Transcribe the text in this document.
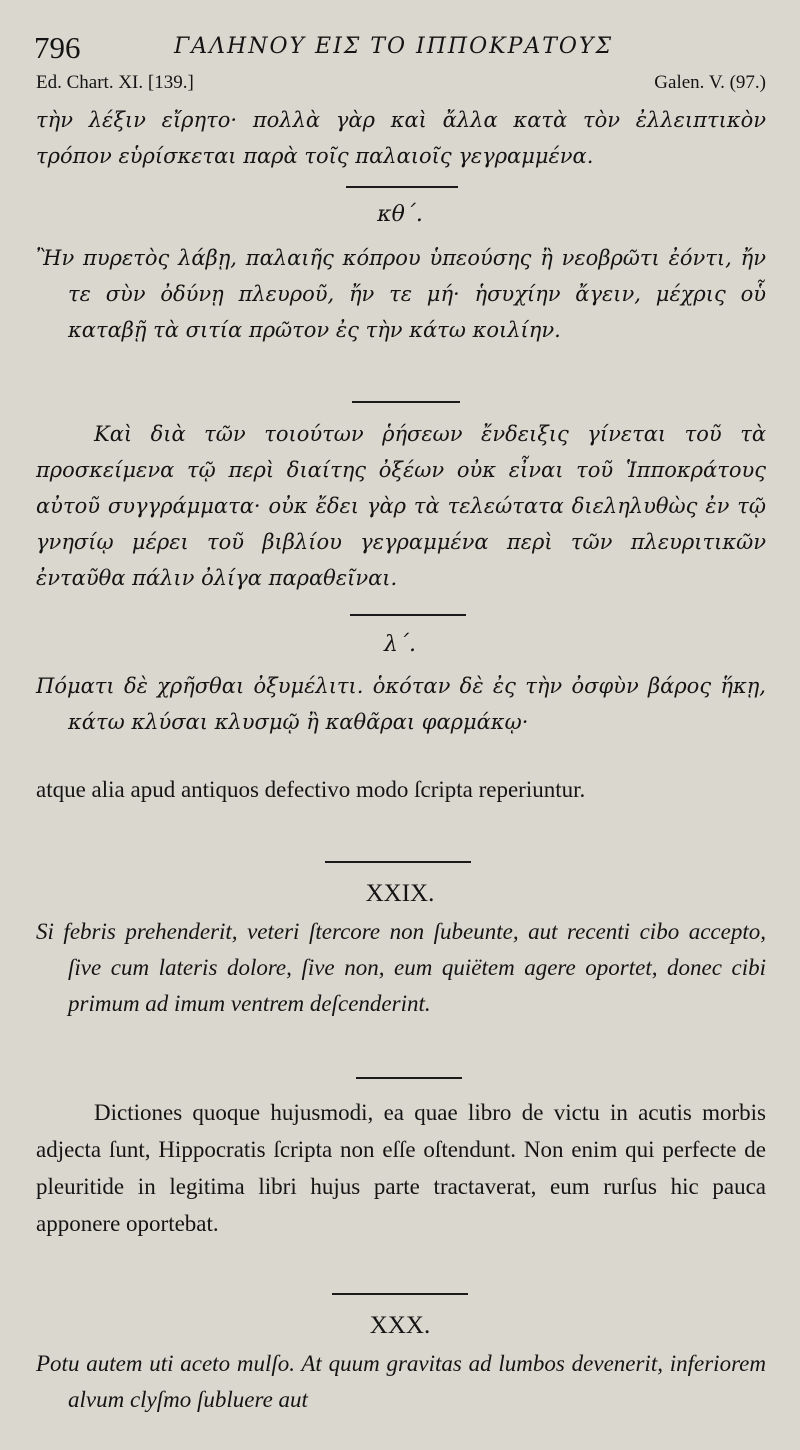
796	ΓΑΛΗΝΟΥ ΕΙΣ ΤΟ ΙΠΠΟΚΡΑΤΟΥΣ
Ed. Chart. XI. [139.]	Galen. V. (97.)
τὴν λέξιν εἴρητο· πολλὰ γὰρ καὶ ἄλλα κατὰ τὸν ἐλλειπτικὸν τρόπον εὑρίσκεται παρὰ τοῖς παλαιοῖς γεγραμμένα.
κθ΄.
Ἢν πυρετὸς λάβῃ, παλαιῆς κόπρου ὑπεούσης ἢ νεοβρῶτι ἐόντι, ἤν τε σὺν ὀδύνῃ πλευροῦ, ἤν τε μή· ἡσυχίην ἄγειν, μέχρις οὗ καταβῇ τὰ σιτία πρῶτον ἐς τὴν κάτω κοιλίην.
Καὶ διὰ τῶν τοιούτων ῥήσεων ἔνδειξις γίνεται τοῦ τὰ προσκείμενα τῷ περὶ διαίτης ὀξέων οὐκ εἶναι τοῦ Ἱπποκράτους αὐτοῦ συγγράμματα· οὐκ ἔδει γὰρ τὰ τελεώτατα διεληλυθὼς ἐν τῷ γνησίῳ μέρει τοῦ βιβλίου γεγραμμένα περὶ τῶν πλευριτικῶν ἐνταῦθα πάλιν ὀλίγα παραθεῖναι.
λ΄.
Πόματι δὲ χρῆσθαι ὀξυμέλιτι. ὁκόταν δὲ ἐς τὴν ὀσφὺν βάρος ἥκῃ, κάτω κλύσαι κλυσμῷ ἢ καθᾶραι φαρμάκῳ·
atque alia apud antiquos defectivo modo ſcripta reperiuntur.
XXIX.
Si febris prehenderit, veteri ſtercore non ſubeunte, aut recenti cibo accepto, ſive cum lateris dolore, ſive non, eum quiëtem agere oportet, donec cibi primum ad imum ventrem deſcenderint.
Dictiones quoque hujusmodi, ea quae libro de victu in acutis morbis adjecta ſunt, Hippocratis ſcripta non eſſe oſtendunt. Non enim qui perfecte de pleuritide in legitima libri hujus parte tractaverat, eum rurſus hic pauca apponere oportebat.
XXX.
Potu autem uti aceto mulſo. At quum gravitas ad lumbos devenerit, inferiorem alvum clyſmo ſubluere aut
